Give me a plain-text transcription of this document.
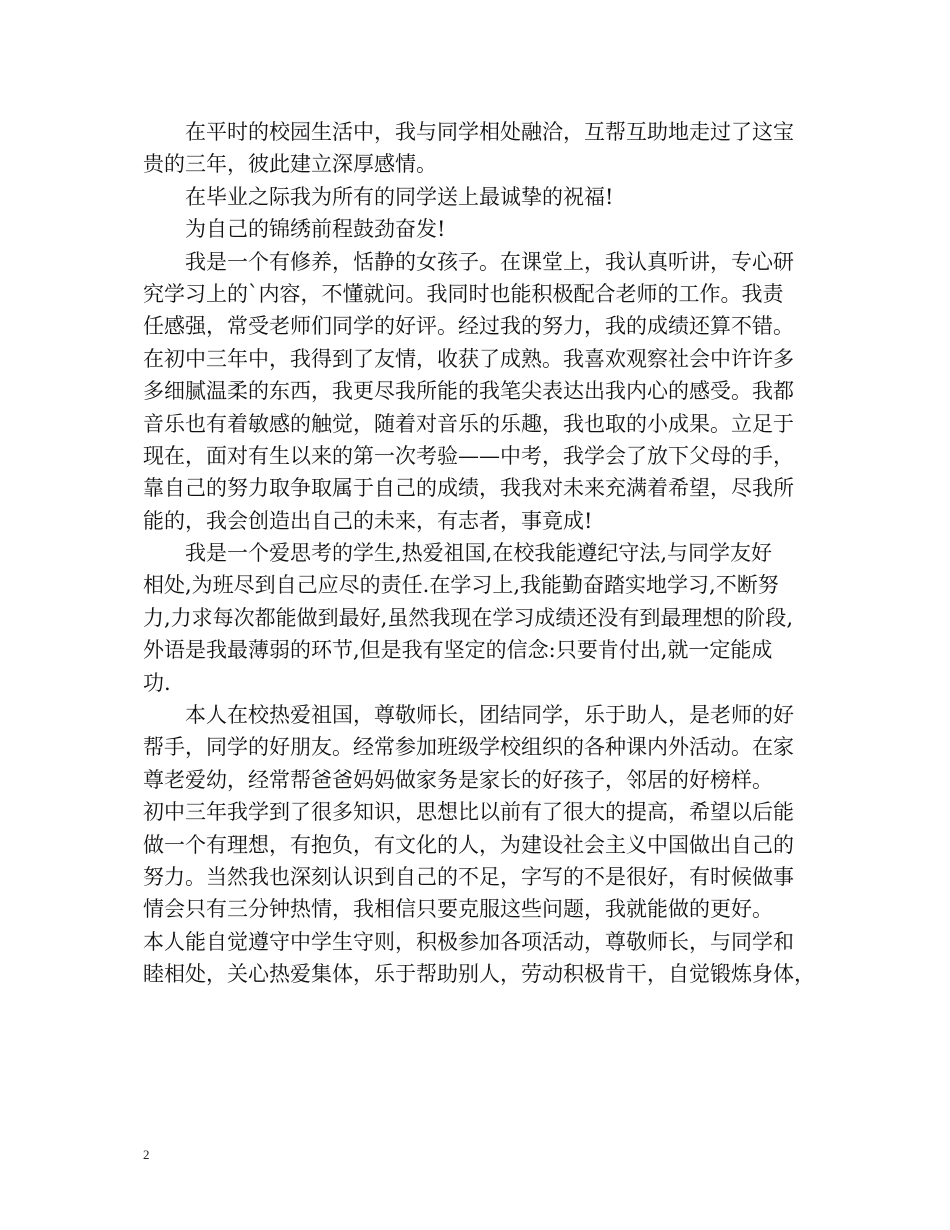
在平时的校园生活中，我与同学相处融洽，互帮互助地走过了这宝
贵的三年，彼此建立深厚感情。
在毕业之际我为所有的同学送上最诚挚的祝福!
为自己的锦绣前程鼓劲奋发!
我是一个有修养，恬静的女孩子。在课堂上，我认真听讲，专心研
究学习上的`内容，不懂就问。我同时也能积极配合老师的工作。我责
任感强，常受老师们同学的好评。经过我的努力，我的成绩还算不错。
在初中三年中，我得到了友情，收获了成熟。我喜欢观察社会中许许多
多细腻温柔的东西，我更尽我所能的我笔尖表达出我内心的感受。我都
音乐也有着敏感的触觉，随着对音乐的乐趣，我也取的小成果。立足于
现在，面对有生以来的第一次考验——中考，我学会了放下父母的手，
靠自己的努力取争取属于自己的成绩，我我对未来充满着希望，尽我所
能的，我会创造出自己的未来，有志者，事竟成!
我是一个爱思考的学生,热爱祖国,在校我能遵纪守法,与同学友好
相处,为班尽到自己应尽的责任.在学习上,我能勤奋踏实地学习,不断努
力,力求每次都能做到最好,虽然我现在学习成绩还没有到最理想的阶段,
外语是我最薄弱的环节,但是我有坚定的信念:只要肯付出,就一定能成
功.
本人在校热爱祖国，尊敬师长，团结同学，乐于助人，是老师的好
帮手，同学的好朋友。经常参加班级学校组织的各种课内外活动。在家
尊老爱幼，经常帮爸爸妈妈做家务是家长的好孩子，邻居的好榜样。
初中三年我学到了很多知识，思想比以前有了很大的提高，希望以后能
做一个有理想，有抱负，有文化的人，为建设社会主义中国做出自己的
努力。当然我也深刻认识到自己的不足，字写的不是很好，有时候做事
情会只有三分钟热情，我相信只要克服这些问题，我就能做的更好。
本人能自觉遵守中学生守则，积极参加各项活动，尊敬师长，与同学和
睦相处，关心热爱集体，乐于帮助别人，劳动积极肯干，自觉锻炼身体，
2
